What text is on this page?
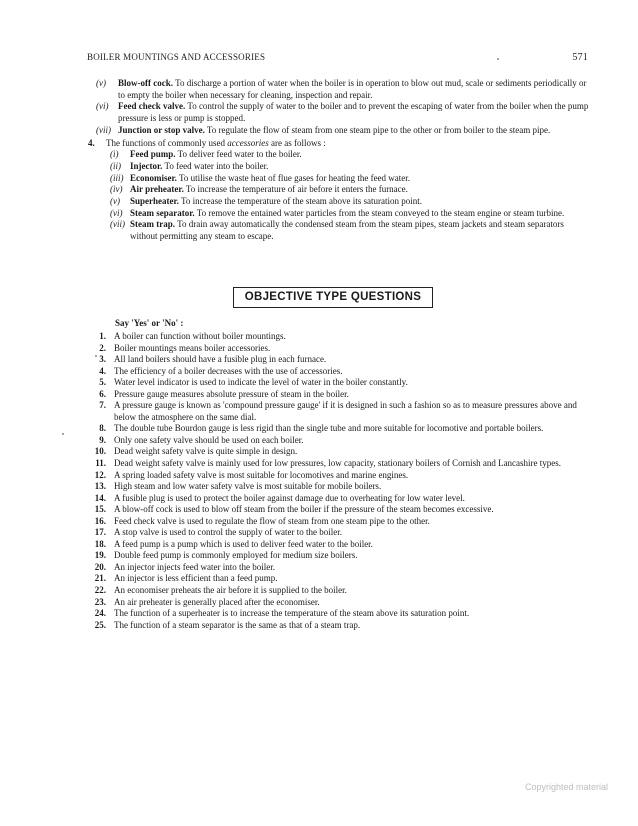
BOILER MOUNTINGS AND ACCESSORIES	571
(v) Blow-off cock. To discharge a portion of water when the boiler is in operation to blow out mud, scale or sediments periodically or to empty the boiler when necessary for cleaning, inspection and repair.
(vi) Feed check valve. To control the supply of water to the boiler and to prevent the escaping of water from the boiler when the pump pressure is less or pump is stopped.
(vii) Junction or stop valve. To regulate the flow of steam from one steam pipe to the other or from boiler to the steam pipe.
4. The functions of commonly used accessories are as follows :
(i) Feed pump. To deliver feed water to the boiler.
(ii) Injector. To feed water into the boiler.
(iii) Economiser. To utilise the waste heat of flue gases for heating the feed water.
(iv) Air preheater. To increase the temperature of air before it enters the furnace.
(v) Superheater. To increase the temperature of the steam above its saturation point.
(vi) Steam separator. To remove the entained water particles from the steam conveyed to the steam engine or steam turbine.
(vii) Steam trap. To drain away automatically the condensed steam from the steam pipes, steam jackets and steam separators without permitting any steam to escape.
OBJECTIVE TYPE QUESTIONS
Say 'Yes' or 'No' :
1. A boiler can function without boiler mountings.
2. Boiler mountings means boiler accessories.
3. All land boilers should have a fusible plug in each furnace.
4. The efficiency of a boiler decreases with the use of accessories.
5. Water level indicator is used to indicate the level of water in the boiler constantly.
6. Pressure gauge measures absolute pressure of steam in the boiler.
7. A pressure gauge is known as 'compound pressure gauge' if it is designed in such a fashion so as to measure pressures above and below the atmosphere on the same dial.
8. The double tube Bourdon gauge is less rigid than the single tube and more suitable for locomotive and portable boilers.
9. Only one safety valve should be used on each boiler.
10. Dead weight safety valve is quite simple in design.
11. Dead weight safety valve is mainly used for low pressures, low capacity, stationary boilers of Cornish and Lancashire types.
12. A spring loaded safety valve is most suitable for locomotives and marine engines.
13. High steam and low water safety valve is most suitable for mobile boilers.
14. A fusible plug is used to protect the boiler against damage due to overheating for low water level.
15. A blow-off cock is used to blow off steam from the boiler if the pressure of the steam becomes excessive.
16. Feed check valve is used to regulate the flow of steam from one steam pipe to the other.
17. A stop valve is used to control the supply of water to the boiler.
18. A feed pump is a pump which is used to deliver feed water to the boiler.
19. Double feed pump is commonly employed for medium size boilers.
20. An injector injects feed water into the boiler.
21. An injector is less efficient than a feed pump.
22. An economiser preheats the air before it is supplied to the boiler.
23. An air preheater is generally placed after the economiser.
24. The function of a superheater is to increase the temperature of the steam above its saturation point.
25. The function of a steam separator is the same as that of a steam trap.
Copyrighted material
